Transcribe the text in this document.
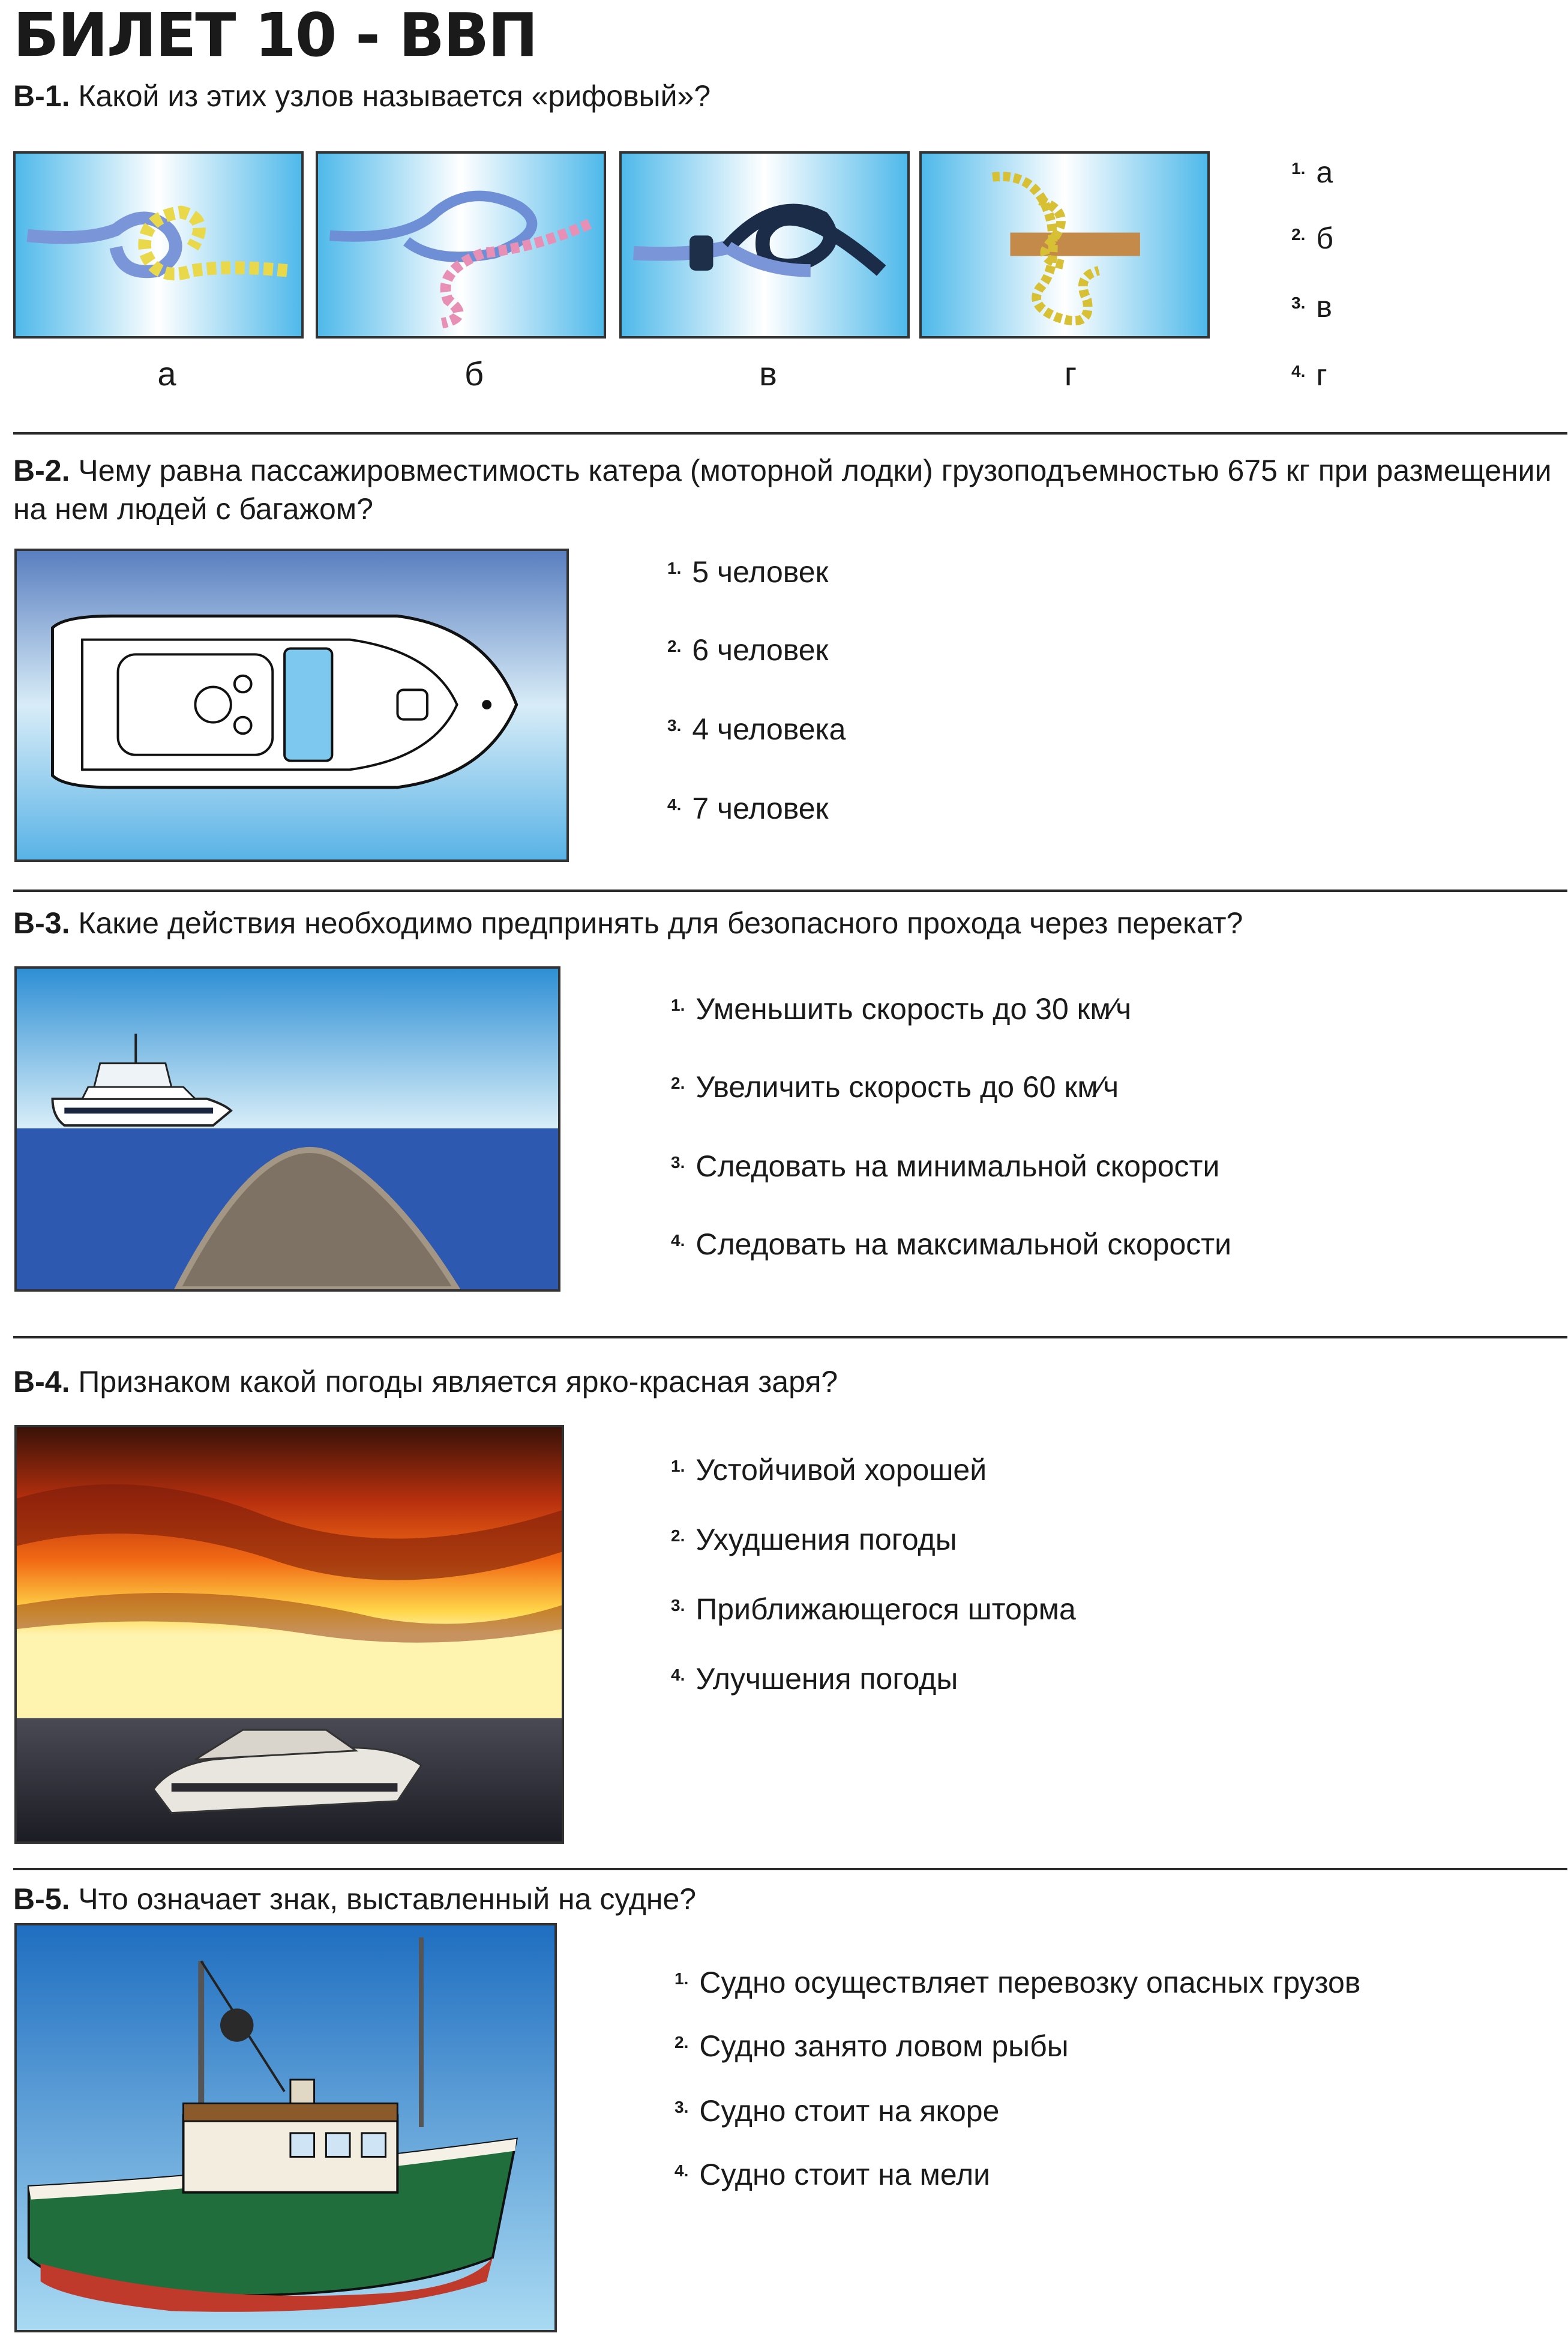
БИЛЕТ 10 - ВВП
В-1. Какой из этих узлов называется «рифовый»?
а	б	в	г
$^{1.}$ а
$^{2.}$ б
$^{3.}$ в
$^{4.}$ г
В-2. Чему равна пассажировместимость катера (моторной лодки) грузоподъемностью 675 кг при размещении на нем людей с багажом?
$^{1.}$ 5 человек
$^{2.}$ 6 человек
$^{3.}$ 4 человека
$^{4.}$ 7 человек
В-3. Какие действия необходимо предпринять для безопасного прохода через перекат?
$^{1.}$ Уменьшить скорость до 30 км⁄ч
$^{2.}$ Увеличить скорость до 60 км⁄ч
$^{3.}$ Следовать на минимальной скорости
$^{4.}$ Следовать на максимальной скорости
В-4. Признаком какой погоды является ярко-красная заря?
$^{1.}$ Устойчивой хорошей
$^{2.}$ Ухудшения погоды
$^{3.}$ Приближающегося шторма
$^{4.}$ Улучшения погоды
В-5. Что означает знак, выставленный на судне?
$^{1.}$ Судно осуществляет перевозку опасных грузов
$^{2.}$ Судно занято ловом рыбы
$^{3.}$ Судно стоит на якоре
$^{4.}$ Судно стоит на мели
